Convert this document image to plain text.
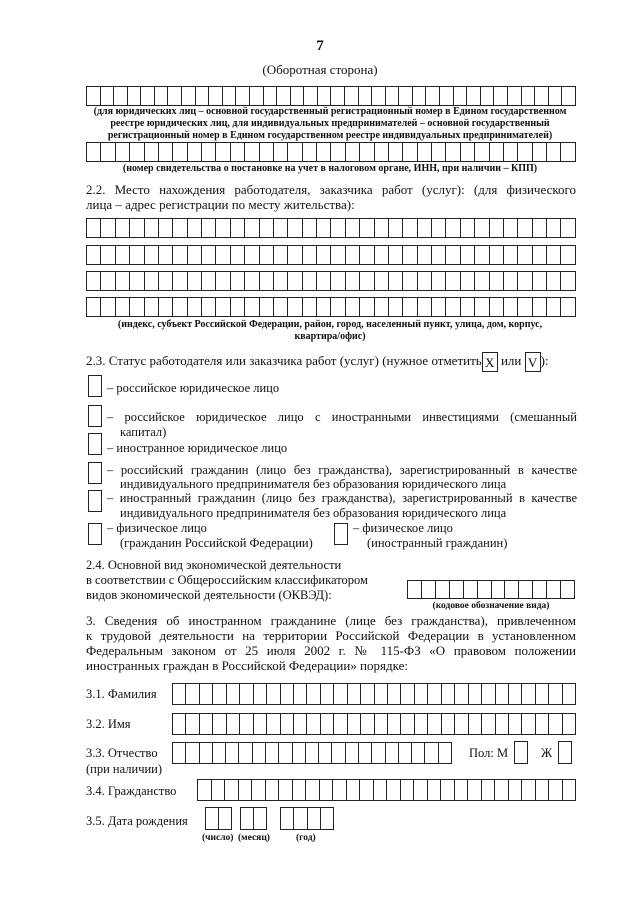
7
(Оборотная сторона)
(для юридических лиц – основной государственный регистрационный номер в Едином государственном
реестре юридических лиц, для индивидуальных предпринимателей – основной государственный
регистрационный номер в Едином государственном реестре индивидуальных предпринимателей)
(номер свидетельства о постановке на учет в налоговом органе, ИНН, при наличии – КПП)
2.2. Место нахождения работодателя, заказчика работ (услуг): (для физического
лица – адрес регистрации по месту жительства):
(индекс, субъект Российской Федерации, район, город, населенный пункт, улица, дом, корпус,
квартира/офис)
2.3. Статус работодателя или заказчика работ (услуг) (нужное отметить X или V ):
– российское юридическое лицо
– российское юридическое лицо с иностранными инвестициями (смешанный
капитал)
– иностранное юридическое лицо
– российский гражданин (лицо без гражданства), зарегистрированный в качестве
индивидуального предпринимателя без образования юридического лица
– иностранный гражданин (лицо без гражданства), зарегистрированный в качестве
индивидуального предпринимателя без образования юридического лица
– физическое лицо
(гражданин Российской Федерации)
– физическое лицо
(иностранный гражданин)
2.4. Основной вид экономической деятельности
в соответствии с Общероссийским классификатором
видов экономической деятельности (ОКВЭД):
(кодовое обозначение вида)
3. Сведения об иностранном гражданине (лице без гражданства), привлеченном
к трудовой деятельности на территории Российской Федерации в установленном
Федеральным законом от 25 июля 2002 г. № 115-ФЗ «О правовом положении
иностранных граждан в Российской Федерации» порядке:
3.1. Фамилия
3.2. Имя
3.3. Отчество
(при наличии)
Пол: М	Ж
3.4. Гражданство
3.5. Дата рождения
(число) (месяц)	(год)
